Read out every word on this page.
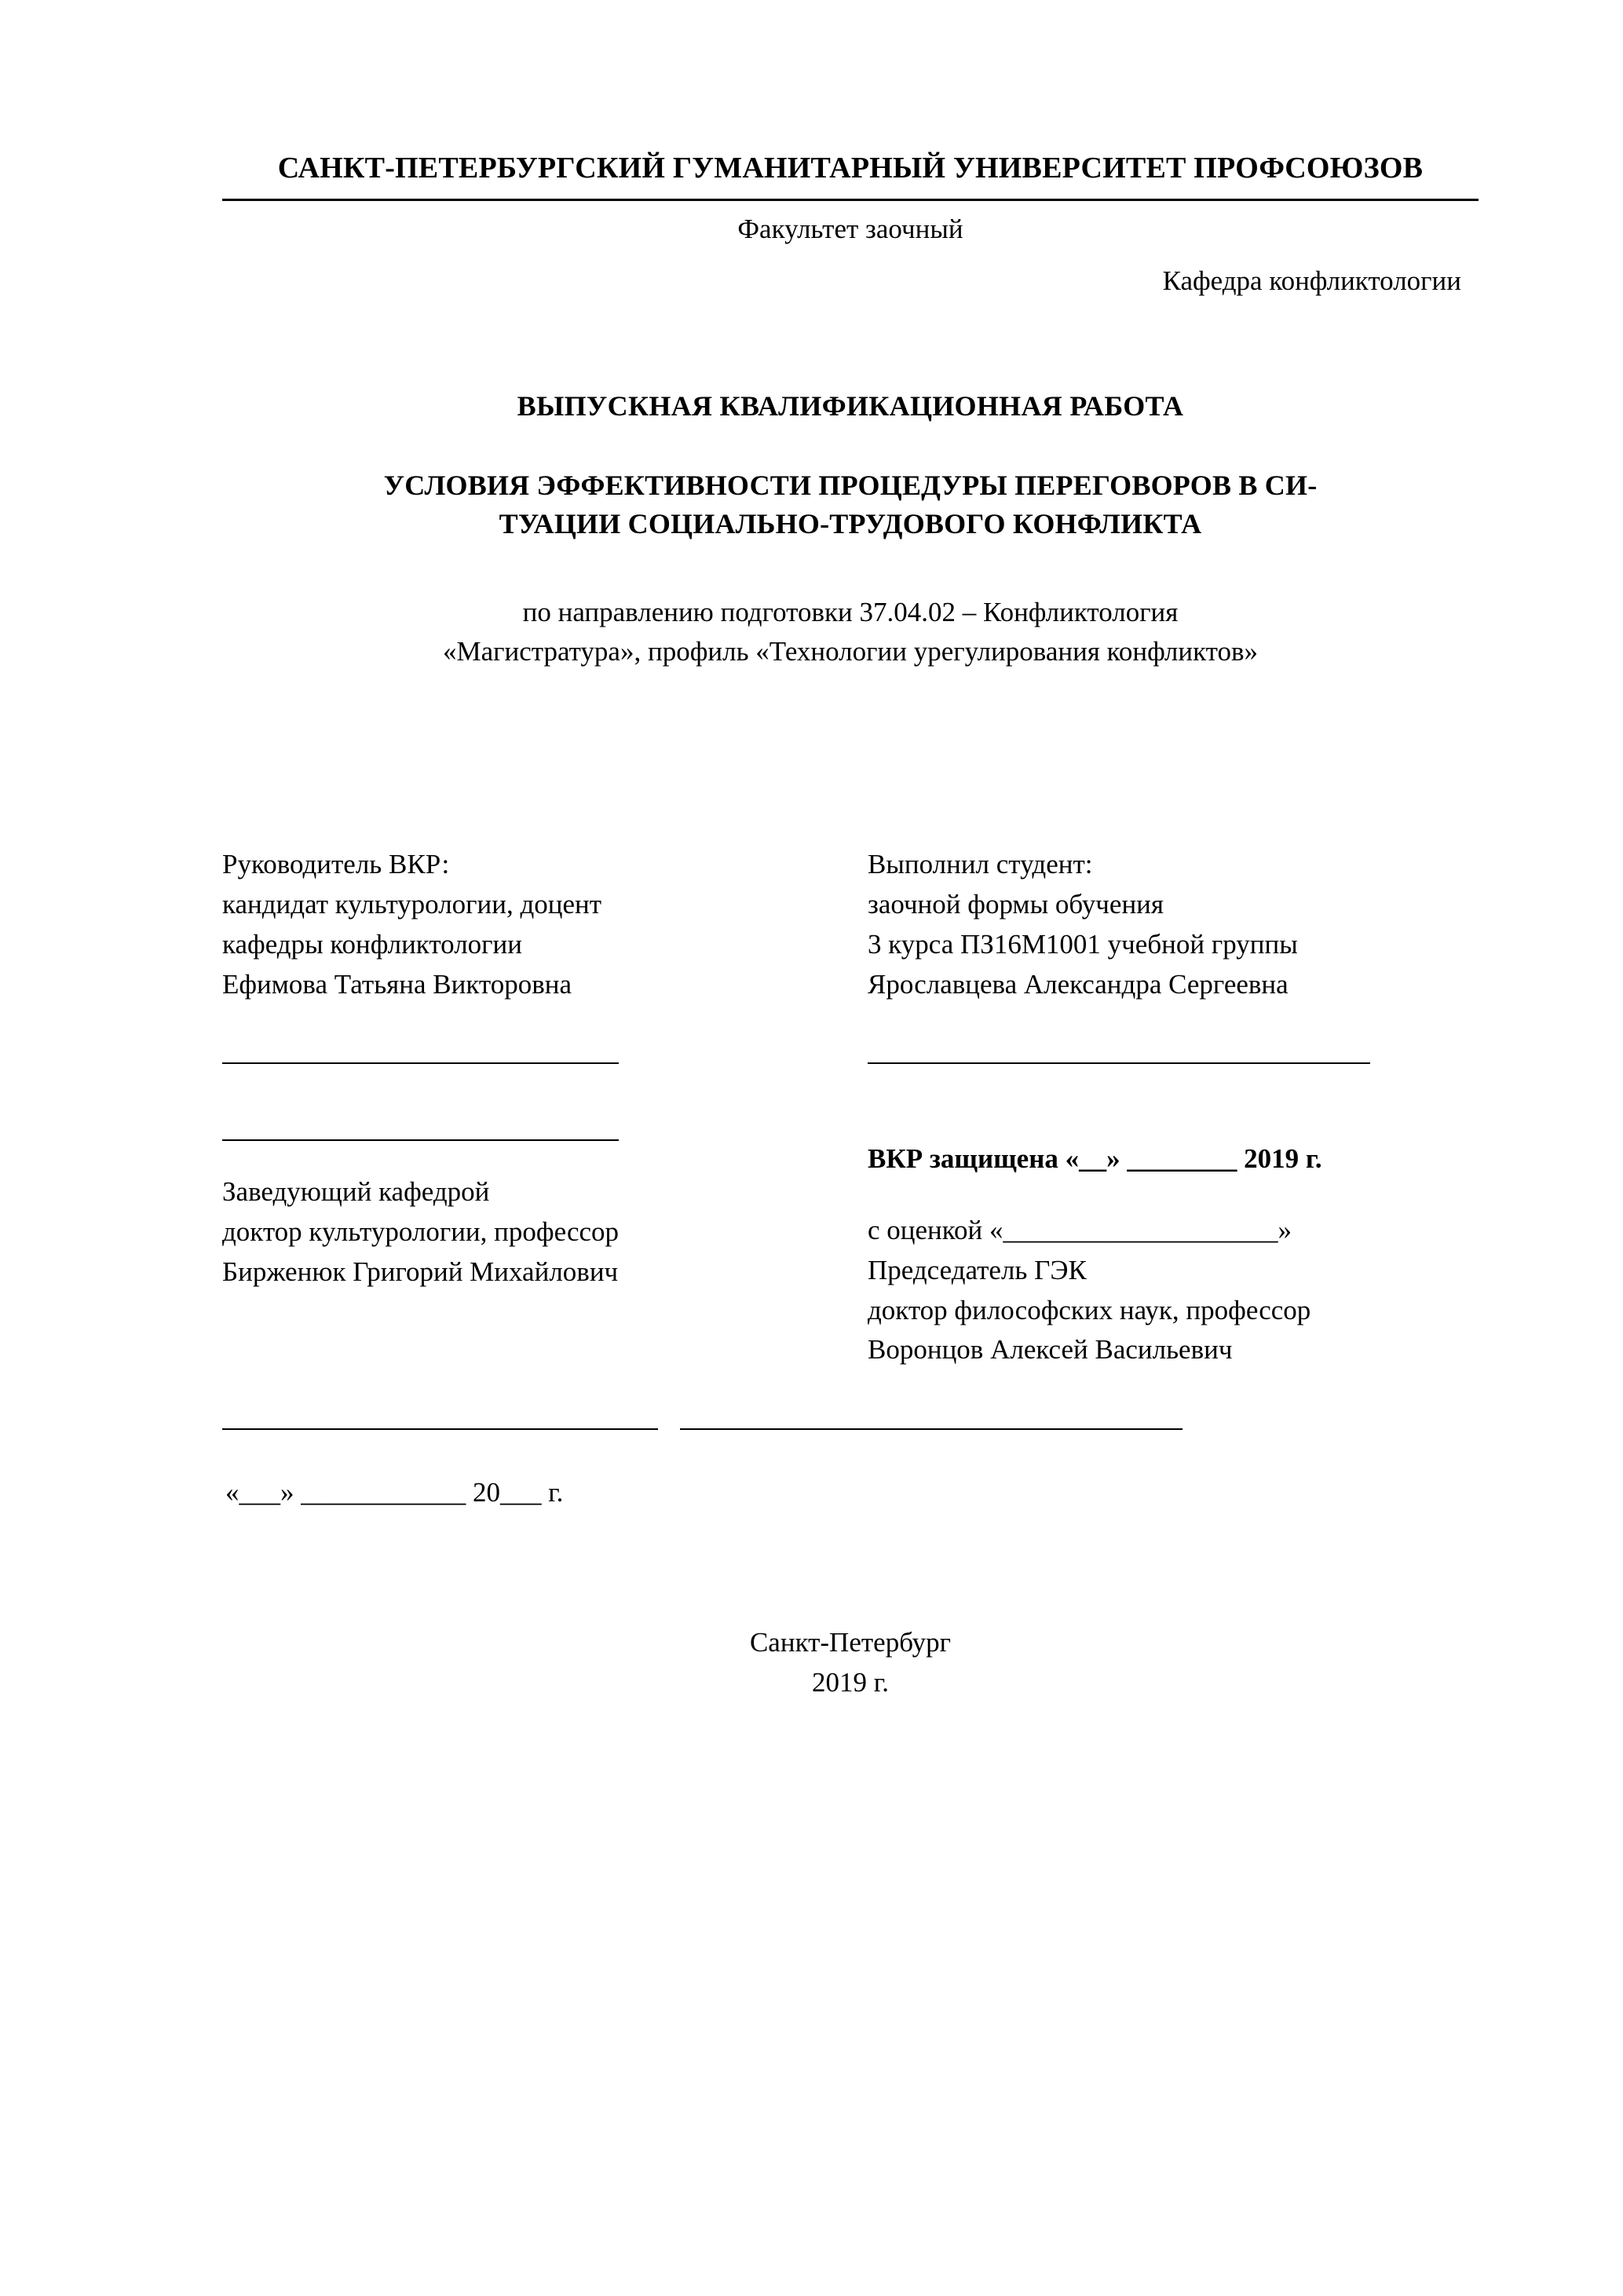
САНКТ-ПЕТЕРБУРГСКИЙ ГУМАНИТАРНЫЙ УНИВЕРСИТЕТ ПРОФСОЮЗОВ
Факультет заочный
Кафедра конфликтологии
ВЫПУСКНАЯ КВАЛИФИКАЦИОННАЯ РАБОТА
УСЛОВИЯ ЭФФЕКТИВНОСТИ ПРОЦЕДУРЫ ПЕРЕГОВОРОВ В СИ-
ТУАЦИИ СОЦИАЛЬНО-ТРУДОВОГО КОНФЛИКТА
по направлению подготовки 37.04.02 – Конфликтология
«Магистратура», профиль «Технологии урегулирования конфликтов»
Руководитель ВКР:
кандидат культурологии, доцент
кафедры конфликтологии
Ефимова Татьяна Викторовна
Выполнил студент:
заочной формы обучения
3 курса ПЗ16М1001 учебной группы
Ярославцева Александра Сергеевна
Заведующий кафедрой
доктор культурологии, профессор
Бирженюк Григорий Михайлович
ВКР защищена «__» ________ 2019 г.
с оценкой «____________________»
Председатель ГЭК
доктор философских наук, профессор
Воронцов Алексей Васильевич
«___» ____________ 20___ г.
Санкт-Петербург
2019 г.
